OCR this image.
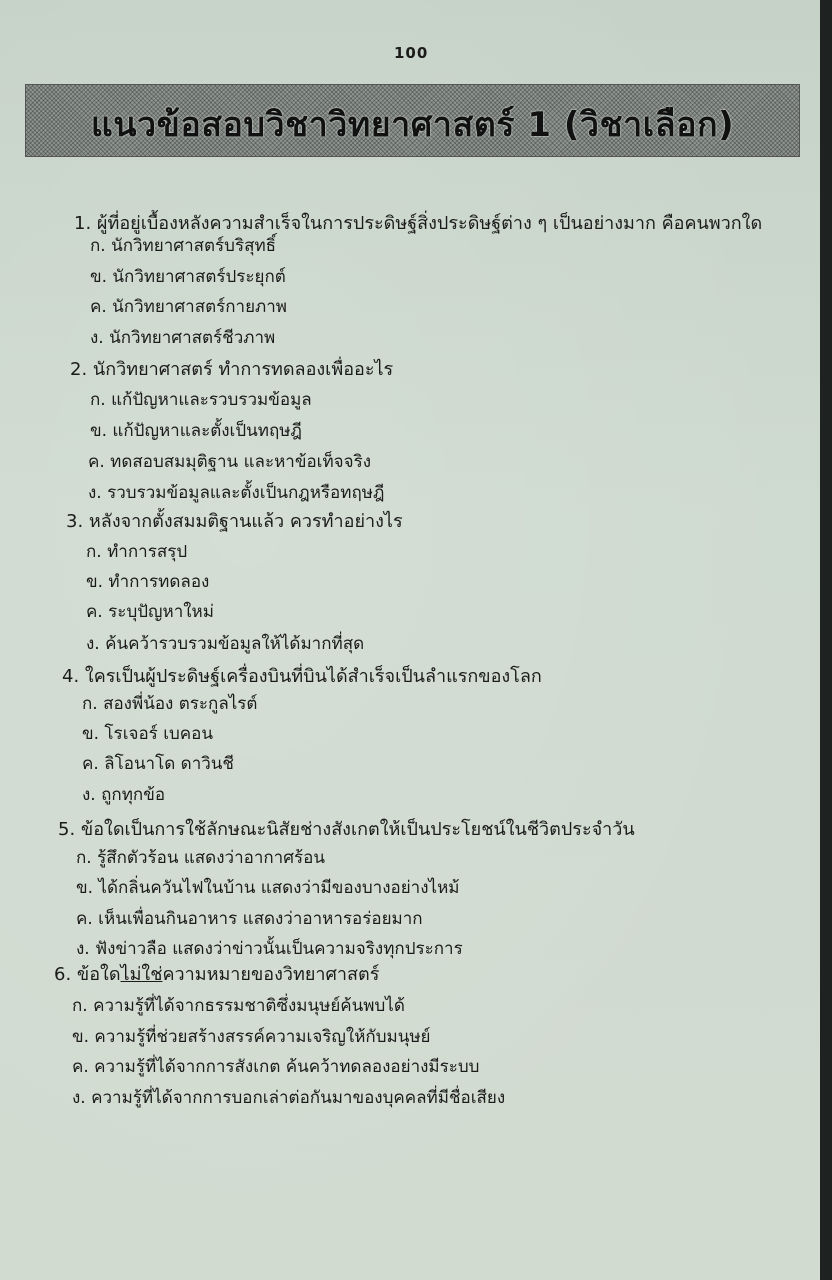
100
แนวข้อสอบวิชาวิทยาศาสตร์ 1 (วิชาเลือก)
1. ผู้ที่อยู่เบื้องหลังความสำเร็จในการประดิษฐ์สิ่งประดิษฐ์ต่าง ๆ เป็นอย่างมาก คือคนพวกใด
ก. นักวิทยาศาสตร์บริสุทธิ์
ข. นักวิทยาศาสตร์ประยุกต์
ค. นักวิทยาศาสตร์กายภาพ
ง. นักวิทยาศาสตร์ชีวภาพ
2. นักวิทยาศาสตร์ ทำการทดลองเพื่ออะไร
ก. แก้ปัญหาและรวบรวมข้อมูล
ข. แก้ปัญหาและตั้งเป็นทฤษฎี
ค. ทดสอบสมมุติฐาน และหาข้อเท็จจริง
ง. รวบรวมข้อมูลและตั้งเป็นกฎหรือทฤษฎี
3. หลังจากตั้งสมมติฐานแล้ว ควรทำอย่างไร
ก. ทำการสรุป
ข. ทำการทดลอง
ค. ระบุปัญหาใหม่
ง. ค้นคว้ารวบรวมข้อมูลให้ได้มากที่สุด
4. ใครเป็นผู้ประดิษฐ์เครื่องบินที่บินได้สำเร็จเป็นลำแรกของโลก
ก. สองพี่น้อง ตระกูลไรต์
ข. โรเจอร์ เบคอน
ค. ลิโอนาโด ดาวินชี
ง. ถูกทุกข้อ
5. ข้อใดเป็นการใช้ลักษณะนิสัยช่างสังเกตให้เป็นประโยชน์ในชีวิตประจำวัน
ก. รู้สึกตัวร้อน แสดงว่าอากาศร้อน
ข. ได้กลิ่นควันไฟในบ้าน แสดงว่ามีของบางอย่างไหม้
ค. เห็นเพื่อนกินอาหาร แสดงว่าอาหารอร่อยมาก
ง. ฟังข่าวลือ แสดงว่าข่าวนั้นเป็นความจริงทุกประการ
6. ข้อใดไม่ใช่ความหมายของวิทยาศาสตร์
ก. ความรู้ที่ได้จากธรรมชาติซึ่งมนุษย์ค้นพบได้
ข. ความรู้ที่ช่วยสร้างสรรค์ความเจริญให้กับมนุษย์
ค. ความรู้ที่ได้จากการสังเกต ค้นคว้าทดลองอย่างมีระบบ
ง. ความรู้ที่ได้จากการบอกเล่าต่อกันมาของบุคคลที่มีชื่อเสียง
